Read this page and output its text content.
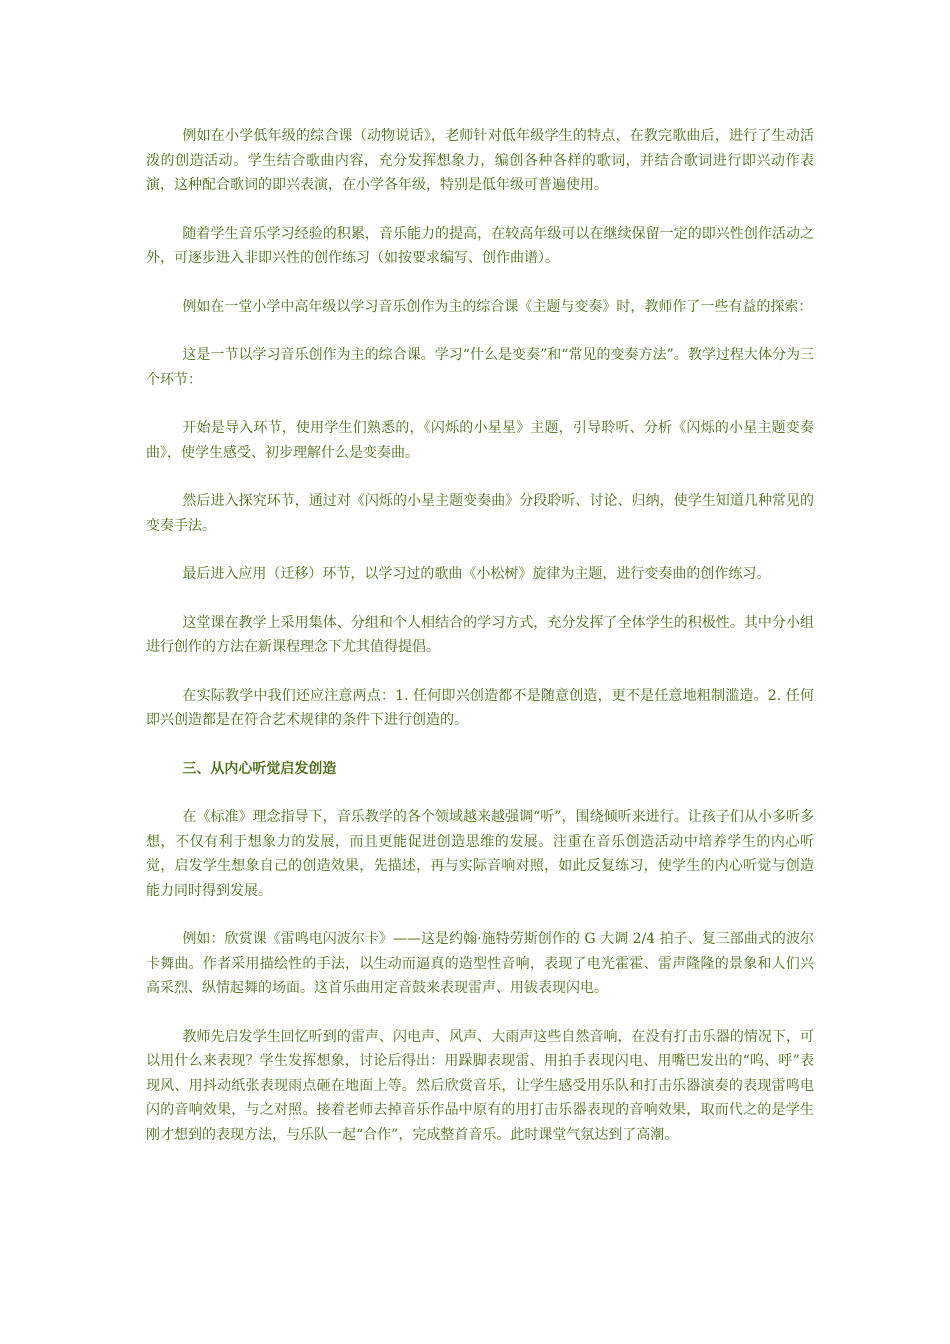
例如在小学低年级的综合课（动物说话》，老师针对低年级学生的特点，在教完歌曲后，进行了生动活泼的创造活动。学生结合歌曲内容，充分发挥想象力，编创各种各样的歌词，并结合歌词进行即兴动作表演，这种配合歌词的即兴表演，在小学各年级，特别是低年级可普遍使用。

随着学生音乐学习经验的积累，音乐能力的提高，在较高年级可以在继续保留一定的即兴性创作活动之外，可逐步进入非即兴性的创作练习（如按要求编写、创作曲谱）。

例如在一堂小学中高年级以学习音乐创作为主的综合课《主题与变奏》时，教师作了一些有益的探索：

这是一节以学习音乐创作为主的综合课。学习“什么是变奏”和“常见的变奏方法”。教学过程大体分为三个环节：

开始是导入环节，使用学生们熟悉的，《闪烁的小星星》主题，引导聆听、分析《闪烁的小星主题变奏曲》，使学生感受、初步理解什么是变奏曲。

然后进入探究环节，通过对《闪烁的小星主题变奏曲》分段聆听、讨论、归纳，使学生知道几种常见的变奏手法。

最后进入应用（迁移）环节，以学习过的歌曲《小松树》旋律为主题，进行变奏曲的创作练习。

这堂课在教学上采用集体、分组和个人相结合的学习方式，充分发挥了全体学生的积极性。其中分小组进行创作的方法在新课程理念下尤其值得提倡。

在实际教学中我们还应注意两点：1. 任何即兴创造都不是随意创造，更不是任意地粗制滥造。2. 任何即兴创造都是在符合艺术规律的条件下进行创造的。

三、从内心听觉启发创造

在《标准》理念指导下，音乐教学的各个领域越来越强调“听”，围绕倾听来进行。让孩子们从小多听多想，不仅有利于想象力的发展，而且更能促进创造思维的发展。注重在音乐创造活动中培养学生的内心听觉，启发学生想象自己的创造效果，先描述，再与实际音响对照，如此反复练习，使学生的内心听觉与创造能力同时得到发展。

例如：欣赏课《雷鸣电闪波尔卡》——这是约翰·施特劳斯创作的 G 大调 2/4 拍子、复三部曲式的波尔卡舞曲。作者采用描绘性的手法，以生动而逼真的造型性音响，表现了电光霍霍、雷声隆隆的景象和人们兴高采烈、纵情起舞的场面。这首乐曲用定音鼓来表现雷声、用钹表现闪电。

教师先启发学生回忆听到的雷声、闪电声、风声、大雨声这些自然音响，在没有打击乐器的情况下，可以用什么来表现？学生发挥想象，讨论后得出：用跺脚表现雷、用拍手表现闪电、用嘴巴发出的“呜、呼”表现风、用抖动纸张表现雨点砸在地面上等。然后欣赏音乐，让学生感受用乐队和打击乐器演奏的表现雷鸣电闪的音响效果，与之对照。接着老师去掉音乐作品中原有的用打击乐器表现的音响效果，取而代之的是学生刚才想到的表现方法，与乐队一起“合作”，完成整首音乐。此时课堂气氛达到了高潮。
